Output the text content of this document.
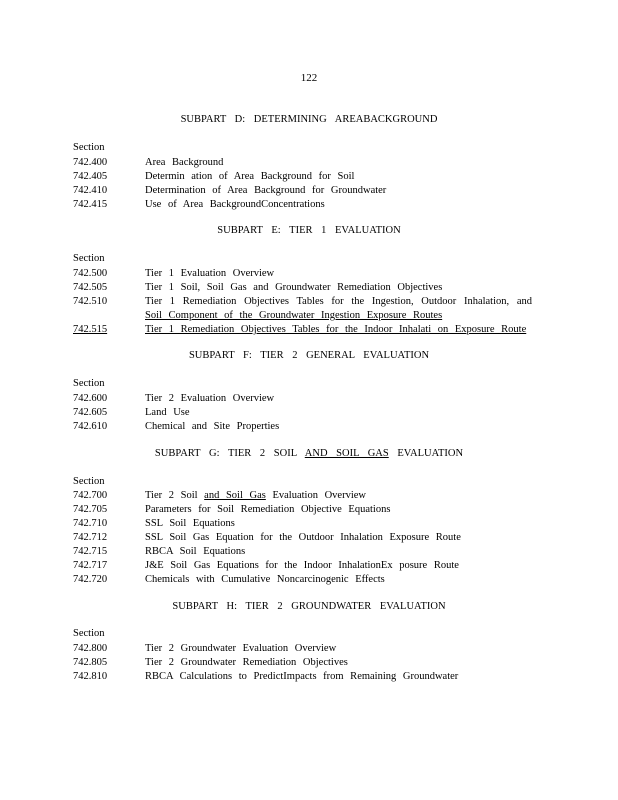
122
SUBPART D: DETERMINING AREABACKGROUND
Section
742.400	Area Background
742.405	Determin ation of Area Background for Soil
742.410	Determination of Area Background for Groundwater
742.415	Use of Area BackgroundConcentrations
SUBPART E: TIER 1 EVALUATION
Section
742.500	Tier 1 Evaluation Overview
742.505	Tier 1 Soil, Soil Gas and Groundwater Remediation Objectives
742.510	Tier 1 Remediation Objectives Tables for the Ingestion, Outdoor Inhalation, and
Soil Component of the Groundwater Ingestion Exposure Routes
742.515	Tier 1 Remediation Objectives Tables for the Indoor Inhalati on Exposure Route
SUBPART F: TIER 2 GENERAL EVALUATION
Section
742.600	Tier 2 Evaluation Overview
742.605	Land Use
742.610	Chemical and Site Properties
SUBPART G: TIER 2 SOIL AND SOIL GAS EVALUATION
Section
742.700	Tier 2 Soil and Soil Gas Evaluation Overview
742.705	Parameters for Soil Remediation Objective Equations
742.710	SSL Soil Equations
742.712	SSL Soil Gas Equation for the Outdoor Inhalation Exposure Route
742.715	RBCA Soil Equations
742.717	J&E Soil Gas Equations for the Indoor InhalationEx posure Route
742.720	Chemicals with Cumulative Noncarcinogenic Effects
SUBPART H: TIER 2 GROUNDWATER EVALUATION
Section
742.800	Tier 2 Groundwater Evaluation Overview
742.805	Tier 2 Groundwater Remediation Objectives
742.810	RBCA Calculations to PredictImpacts from Remaining Groundwater
